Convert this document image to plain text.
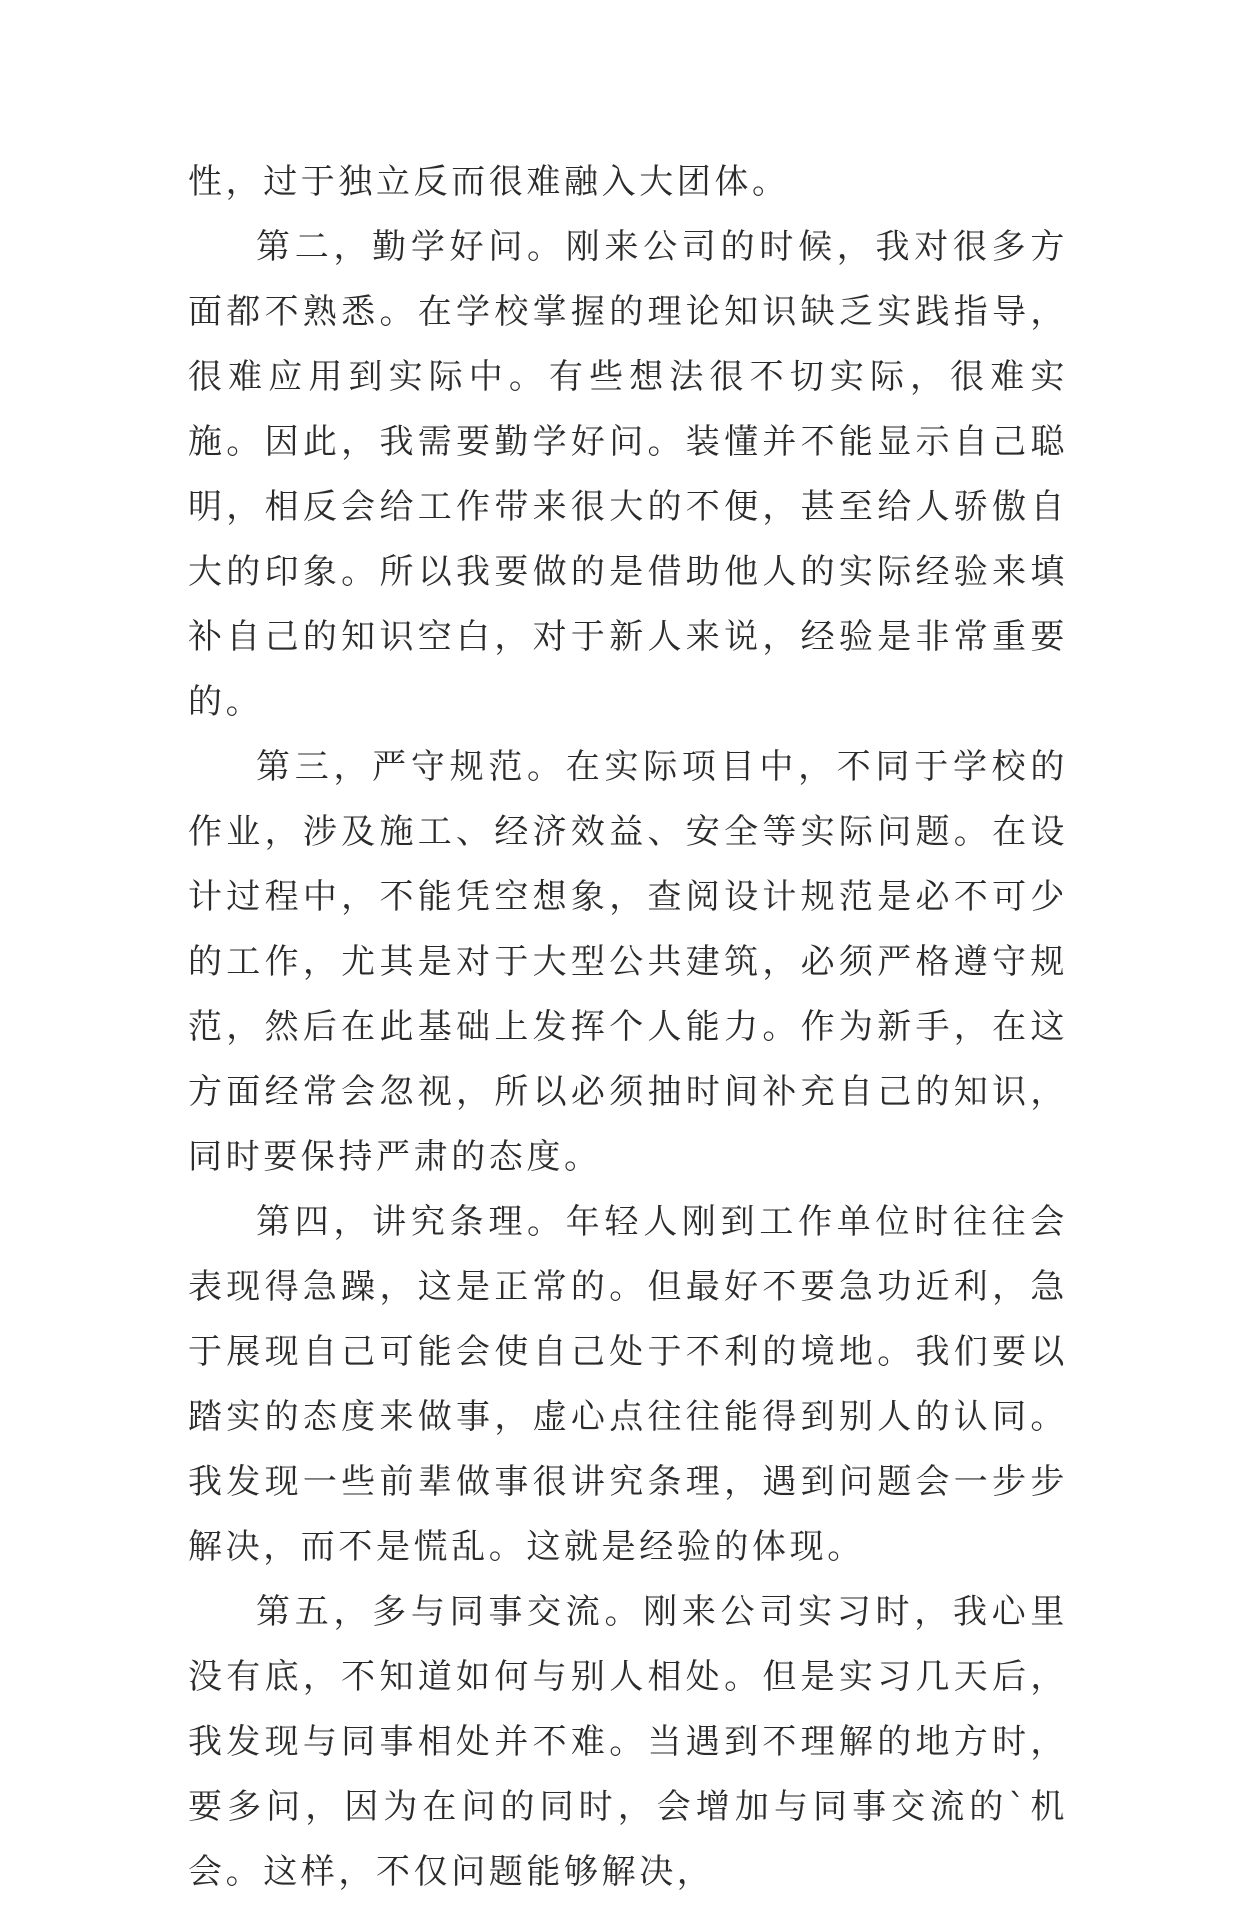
性，过于独立反而很难融入大团体。

第二，勤学好问。刚来公司的时候，我对很多方面都不熟悉。在学校掌握的理论知识缺乏实践指导，很难应用到实际中。有些想法很不切实际，很难实施。因此，我需要勤学好问。装懂并不能显示自己聪明，相反会给工作带来很大的不便，甚至给人骄傲自大的印象。所以我要做的是借助他人的实际经验来填补自己的知识空白，对于新人来说，经验是非常重要的。

第三，严守规范。在实际项目中，不同于学校的作业，涉及施工、经济效益、安全等实际问题。在设计过程中，不能凭空想象，查阅设计规范是必不可少的工作，尤其是对于大型公共建筑，必须严格遵守规范，然后在此基础上发挥个人能力。作为新手，在这方面经常会忽视，所以必须抽时间补充自己的知识，同时要保持严肃的态度。

第四，讲究条理。年轻人刚到工作单位时往往会表现得急躁，这是正常的。但最好不要急功近利，急于展现自己可能会使自己处于不利的境地。我们要以踏实的态度来做事，虚心点往往能得到别人的认同。我发现一些前辈做事很讲究条理，遇到问题会一步步解决，而不是慌乱。这就是经验的体现。

第五，多与同事交流。刚来公司实习时，我心里没有底，不知道如何与别人相处。但是实习几天后，我发现与同事相处并不难。当遇到不理解的地方时，要多问，因为在问的同时，会增加与同事交流的`机会。这样，不仅问题能够解决，
